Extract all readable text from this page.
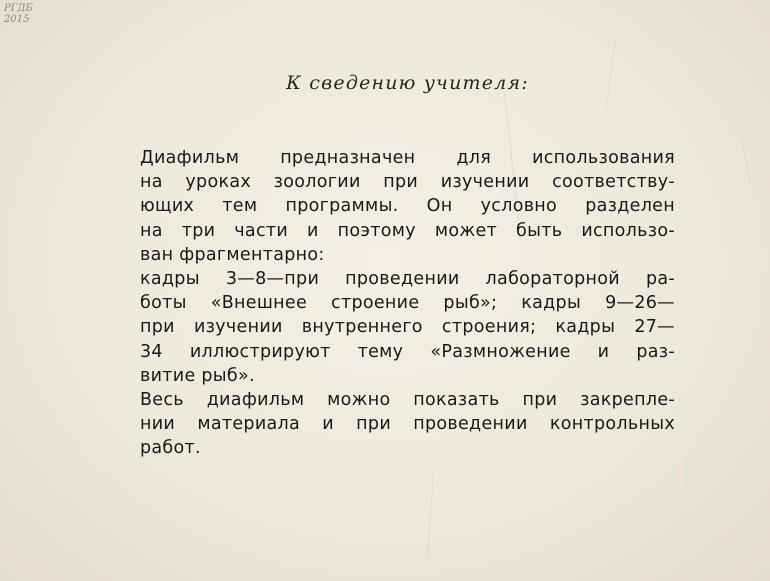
РГДБ
2015
К сведению учителя:
Диафильм предназначен для использования
на уроках зоологии при изучении соответству-
ющих тем программы. Он условно разделен
на три части и поэтому может быть использо-
ван фрагментарно:
кадры 3—8—при проведении лабораторной ра-
боты «Внешнее строение рыб»; кадры 9—26—
при изучении внутреннего строения; кадры 27—
34 иллюстрируют тему «Размножение и раз-
витие рыб».
Весь диафильм можно показать при закрепле-
нии материала и при проведении контрольных
работ.
